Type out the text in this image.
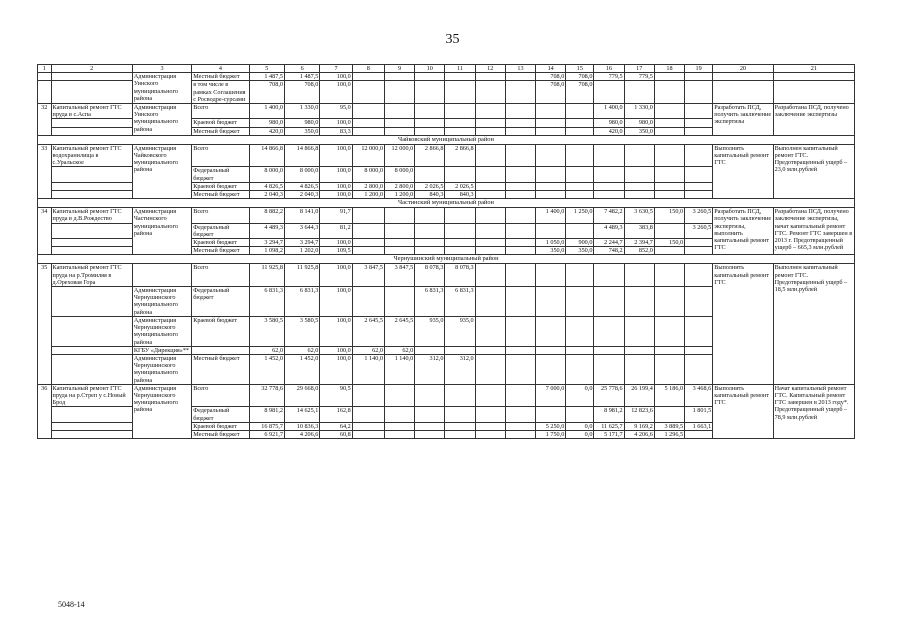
35
1	2	3	4	5	6	7	8	9	10	11	12	13	14	15	16	17	18	19	20	21
		Администрация Уинского муниципального района	Местный бюджет	1 487,5	1 487,5	100,0							708,0	708,0	779,5	779,5				
			в том числе в рамках Соглашения с Росводре-сурсами	708,0	708,0	100,0							708,0	708,0						
32	Капитальный ремонт ГТС пруда в с.Аспа	Администрация Уинского муниципального района	Всего	1 400,0	1 330,0	95,0									1 400,0	1 330,0			Разработать ПСД, получить заключение экспертизы	Разработана ПСД, получено заключение экспертизы
			Краевой бюджет	980,0	980,0	100,0									980,0	980,0				
			Местный бюджет	420,0	350,0	83,3									420,0	350,0				
Чайковский муниципальный район																				
33	Капитальный ремонт ГТС водохранилища в с.Уральское	Администрация Чайковского муниципального района	Всего	14 866,8	14 866,8	100,0	12 000,0	12 000,0	2 866,8	2 866,8									Выполнить капитальный ремонт ГТС	Выполнен капитальный ремонт ГТС. Предотвращенный ущерб – 23,0 млн.рублей
			Федеральный бюджет	8 000,0	8 000,0	100,0	8 000,0	8 000,0												
			Краевой бюджет	4 826,5	4 826,5	100,0	2 800,0	2 800,0	2 026,5	2 026,5										
			Местный бюджет	2 040,3	2 040,3	100,0	1 200,0	1 200,0	840,3	840,3										
Частинский муниципальный район																				
34	Капитальный ремонт ГТС пруда в д.В.Рождество	Администрация Частинского муниципального района	Всего	8 882,2	8 141,0	91,7							1 400,0	1 250,0	7 482,2	3 630,5	150,0	3 260,5	Разработать ПСД, получить заключение экспертизы, выполнить капитальный ремонт ГТС	Разработана ПСД, получено заключение экспертизы, начат капитальный ремонт ГТС. Ремонт ГТС завершен в 2013 г. Предотвращенный ущерб – 665,3 млн.рублей
			Федеральный бюджет	4 489,3	3 644,3	81,2									4 489,3	383,8		3 260,5		
			Краевой бюджет	3 294,7	3 294,7	100,0							1 050,0	900,0	2 244,7	2 394,7	150,0			
			Местный бюджет	1 098,2	1 202,0	109,5							350,0	350,0	748,2	852,0				
Чернушинский муниципальный район																				
35	Капитальный ремонт ГТС пруда на р.Тромиляя в д.Ореховая Гора		Всего	11 925,8	11 925,8	100,0	3 847,5	3 847,5	8 078,3	8 078,3									Выполнить капитальный ремонт ГТС	Выполнен капитальный ремонт ГТС. Предотвращенный ущерб – 18,5 млн.рублей
		Администрация Чернушинского муниципального района	Федеральный бюджет	6 831,3	6 831,3	100,0			6 831,3	6 831,3										
		Администрация Чернушинского муниципального района	Краевой бюджет	3 580,5	3 580,5	100,0	2 645,5	2 645,5	935,0	935,0										
		КГБУ «Дирекция»**		62,0	62,0	100,0	62,0	62,0												
		Администрация Чернушинского муниципального района	Местный бюджет	1 452,0	1 452,0	100,0	1 140,0	1 140,0	312,0	312,0										
36	Капитальный ремонт ГТС пруда на р.Стреп у с.Новый Брод	Администрация Чернушинского муниципального района	Всего	32 778,6	29 668,0	90,5							7 000,0	0,0	25 778,6	26 199,4	5 186,0	3 468,6	Выполнить капитальный ремонт ГТС	Начат капитальный ремонт ГТС. Капитальный ремонт ГТС завершен в 2013 году*. Предотвращенный ущерб – 78,9 млн.рублей
			Федеральный бюджет	8 981,2	14 625,1	162,8									8 981,2	12 823,6		1 801,5		
			Краевой бюджет	16 875,7	10 836,3	64,2							5 250,0	0,0	11 625,7	9 169,2	3 889,5	1 663,1		
			Местный бюджет	6 921,7	4 206,6	60,8							1 750,0	0,0	5 171,7	4 206,6	1 296,5			
5048-14
